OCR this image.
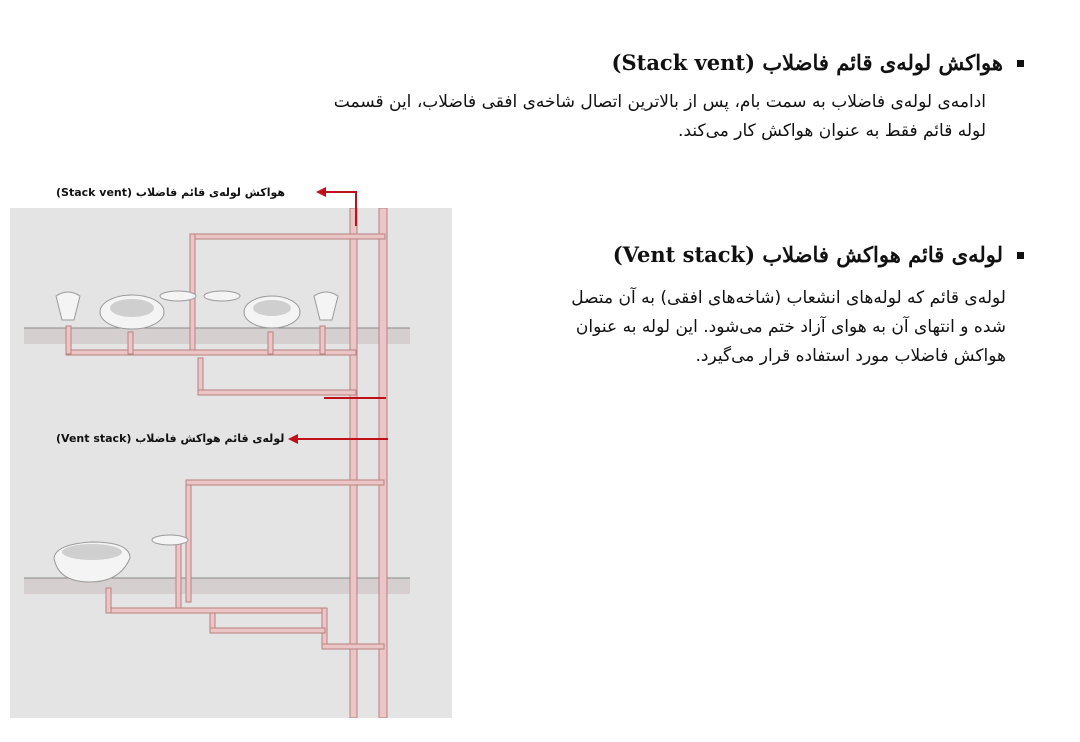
هواکش لوله‌ی قائم فاضلاب (Stack vent)
ادامه‌ی لوله‌ی فاضلاب به سمت بام، پس از بالاترین اتصال شاخه‌ی افقی فاضلاب، این قسمت
لوله قائم فقط به عنوان هواکش کار می‌کند.
هواکش لوله‌ی قائم فاضلاب (Stack vent)
لوله‌ی قائم هواکش فاضلاب (Vent stack)
لوله‌ی قائم هواکش فاضلاب (Vent stack)
لوله‌ی قائم که لوله‌های انشعاب (شاخه‌های افقی) به آن متصل
شده و انتهای آن به هوای آزاد ختم می‌شود. این لوله به عنوان
هواکش فاضلاب مورد استفاده قرار می‌گیرد.
